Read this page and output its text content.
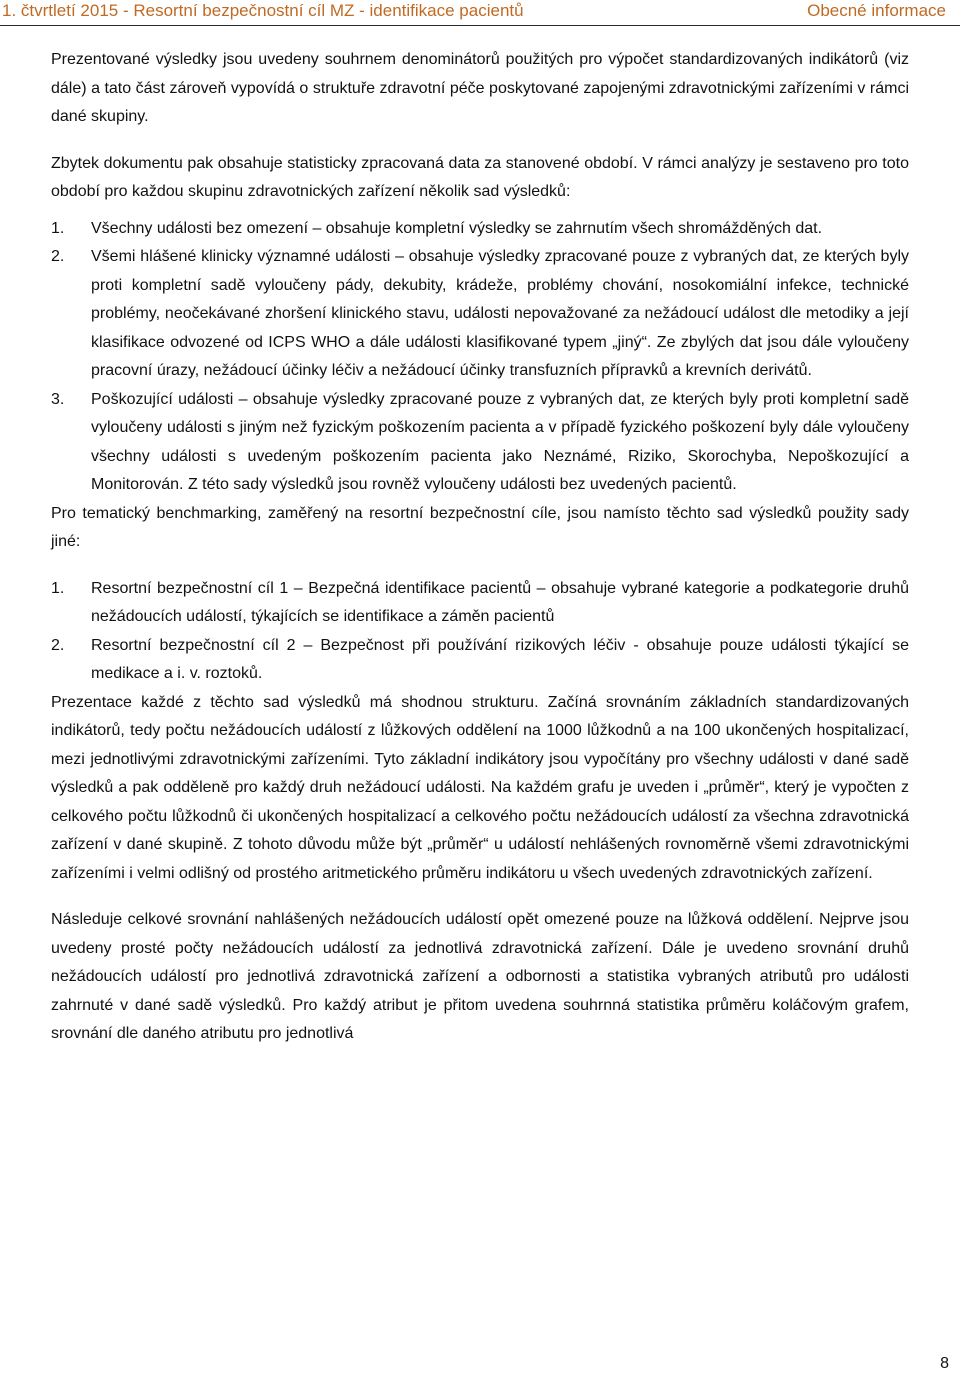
1. čtvrtletí 2015 - Resortní bezpečnostní cíl MZ - identifikace pacientů	Obecné informace

Prezentované výsledky jsou uvedeny souhrnem denominátorů použitých pro výpočet standardizovaných indikátorů (viz dále) a tato část zároveň vypovídá o struktuře zdravotní péče poskytované zapojenými zdravotnickými zařízeními v rámci dané skupiny.

Zbytek dokumentu pak obsahuje statisticky zpracovaná data za stanovené období. V rámci analýzy je sestaveno pro toto období pro každou skupinu zdravotnických zařízení několik sad výsledků:

1.	Všechny události bez omezení – obsahuje kompletní výsledky se zahrnutím všech shromážděných dat.
2.	Všemi hlášené klinicky významné události – obsahuje výsledky zpracované pouze z vybraných dat, ze kterých byly proti kompletní sadě vyloučeny pády, dekubity, krádeže, problémy chování, nosokomiální infekce, technické problémy, neočekávané zhoršení klinického stavu, události nepovažované za nežádoucí událost dle metodiky a její klasifikace odvozené od ICPS WHO a dále události klasifikované typem „jiný“. Ze zbylých dat jsou dále vyloučeny pracovní úrazy, nežádoucí účinky léčiv a nežádoucí účinky transfuzních přípravků a krevních derivátů.
3.	Poškozující události – obsahuje výsledky zpracované pouze z vybraných dat, ze kterých byly proti kompletní sadě vyloučeny události s jiným než fyzickým poškozením pacienta a v případě fyzického poškození byly dále vyloučeny všechny události s uvedeným poškozením pacienta jako Neznámé, Riziko, Skorochyba, Nepoškozující a Monitorován. Z této sady výsledků jsou rovněž vyloučeny události bez uvedených pacientů.

Pro tematický benchmarking, zaměřený na resortní bezpečnostní cíle, jsou namísto těchto sad výsledků použity sady jiné:

1.	Resortní bezpečnostní cíl 1 – Bezpečná identifikace pacientů – obsahuje vybrané kategorie a podkategorie druhů nežádoucích událostí, týkajících se identifikace a záměn pacientů
2.	Resortní bezpečnostní cíl 2 – Bezpečnost při používání rizikových léčiv - obsahuje pouze události týkající se medikace a i. v. roztoků.

Prezentace každé z těchto sad výsledků má shodnou strukturu. Začíná srovnáním základních standardizovaných indikátorů, tedy počtu nežádoucích událostí z lůžkových oddělení na 1000 lůžkodnů a na 100 ukončených hospitalizací, mezi jednotlivými zdravotnickými zařízeními. Tyto základní indikátory jsou vypočítány pro všechny události v dané sadě výsledků a pak odděleně pro každý druh nežádoucí události. Na každém grafu je uveden i „průměr“, který je vypočten z celkového počtu lůžkodnů či ukončených hospitalizací a celkového počtu nežádoucích událostí za všechna zdravotnická zařízení v dané skupině. Z tohoto důvodu může být „průměr“ u událostí nehlášených rovnoměrně všemi zdravotnickými zařízeními i velmi odlišný od prostého aritmetického průměru indikátoru u všech uvedených zdravotnických zařízení.

Následuje celkové srovnání nahlášených nežádoucích událostí opět omezené pouze na lůžková oddělení. Nejprve jsou uvedeny prosté počty nežádoucích událostí za jednotlivá zdravotnická zařízení. Dále je uvedeno srovnání druhů nežádoucích událostí pro jednotlivá zdravotnická zařízení a odbornosti a statistika vybraných atributů pro události zahrnuté v dané sadě výsledků. Pro každý atribut je přitom uvedena souhrnná statistika průměru koláčovým grafem, srovnání dle daného atributu pro jednotlivá

8
